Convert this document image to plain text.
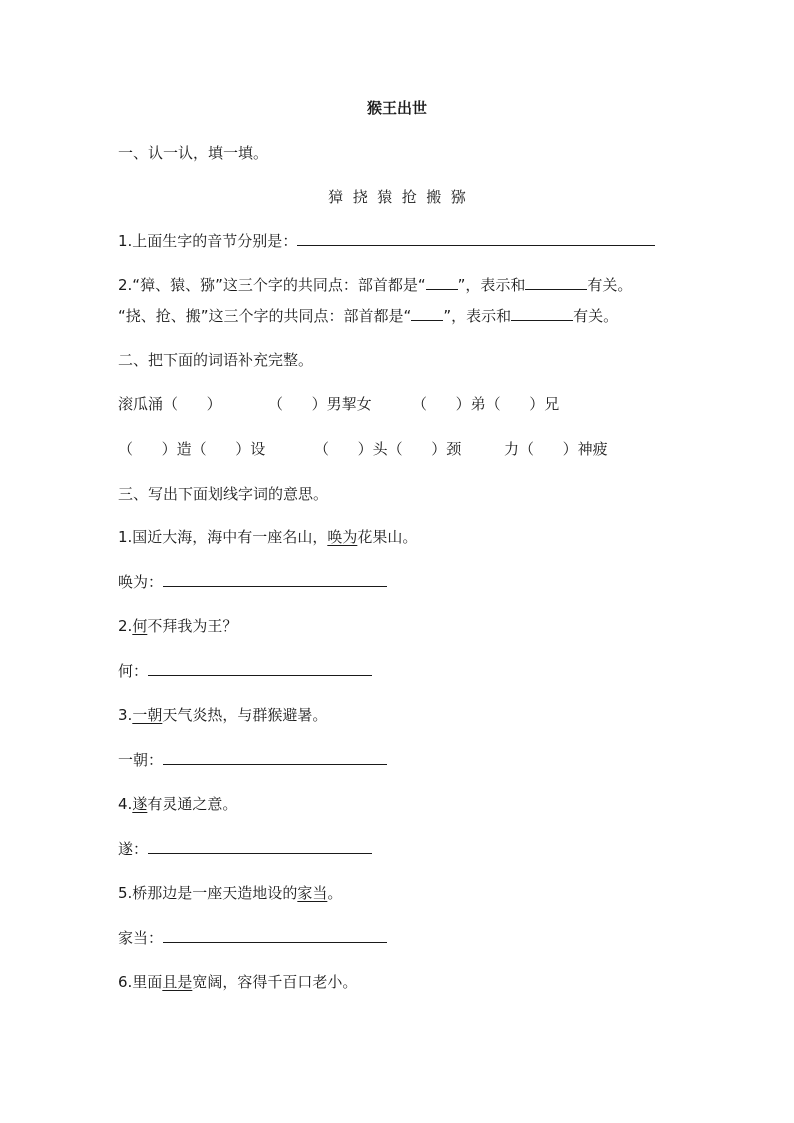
猴王出世
一、认一认，填一填。
獐  挠  猿  抢  搬  猕
1.上面生字的音节分别是：
2.“獐、猿、猕”这三个字的共同点：部首都是“ ”，表示和	有关。
“挠、抢、搬”这三个字的共同点：部首都是“ ”，表示和	有关。
二、把下面的词语补充完整。
滚瓜涌（      ）	（      ）男挈女	（      ）弟（      ）兄
（      ）造（      ）设	（      ）头（      ）颈	力（      ）神疲
三、写出下面划线字词的意思。
1.国近大海，海中有一座名山，唤为花果山。
唤为：
2.何不拜我为王？
何：
3.一朝天气炎热，与群猴避暑。
一朝：
4.遂有灵通之意。
遂：
5.桥那边是一座天造地设的家当。
家当：
6.里面且是宽阔，容得千百口老小。
